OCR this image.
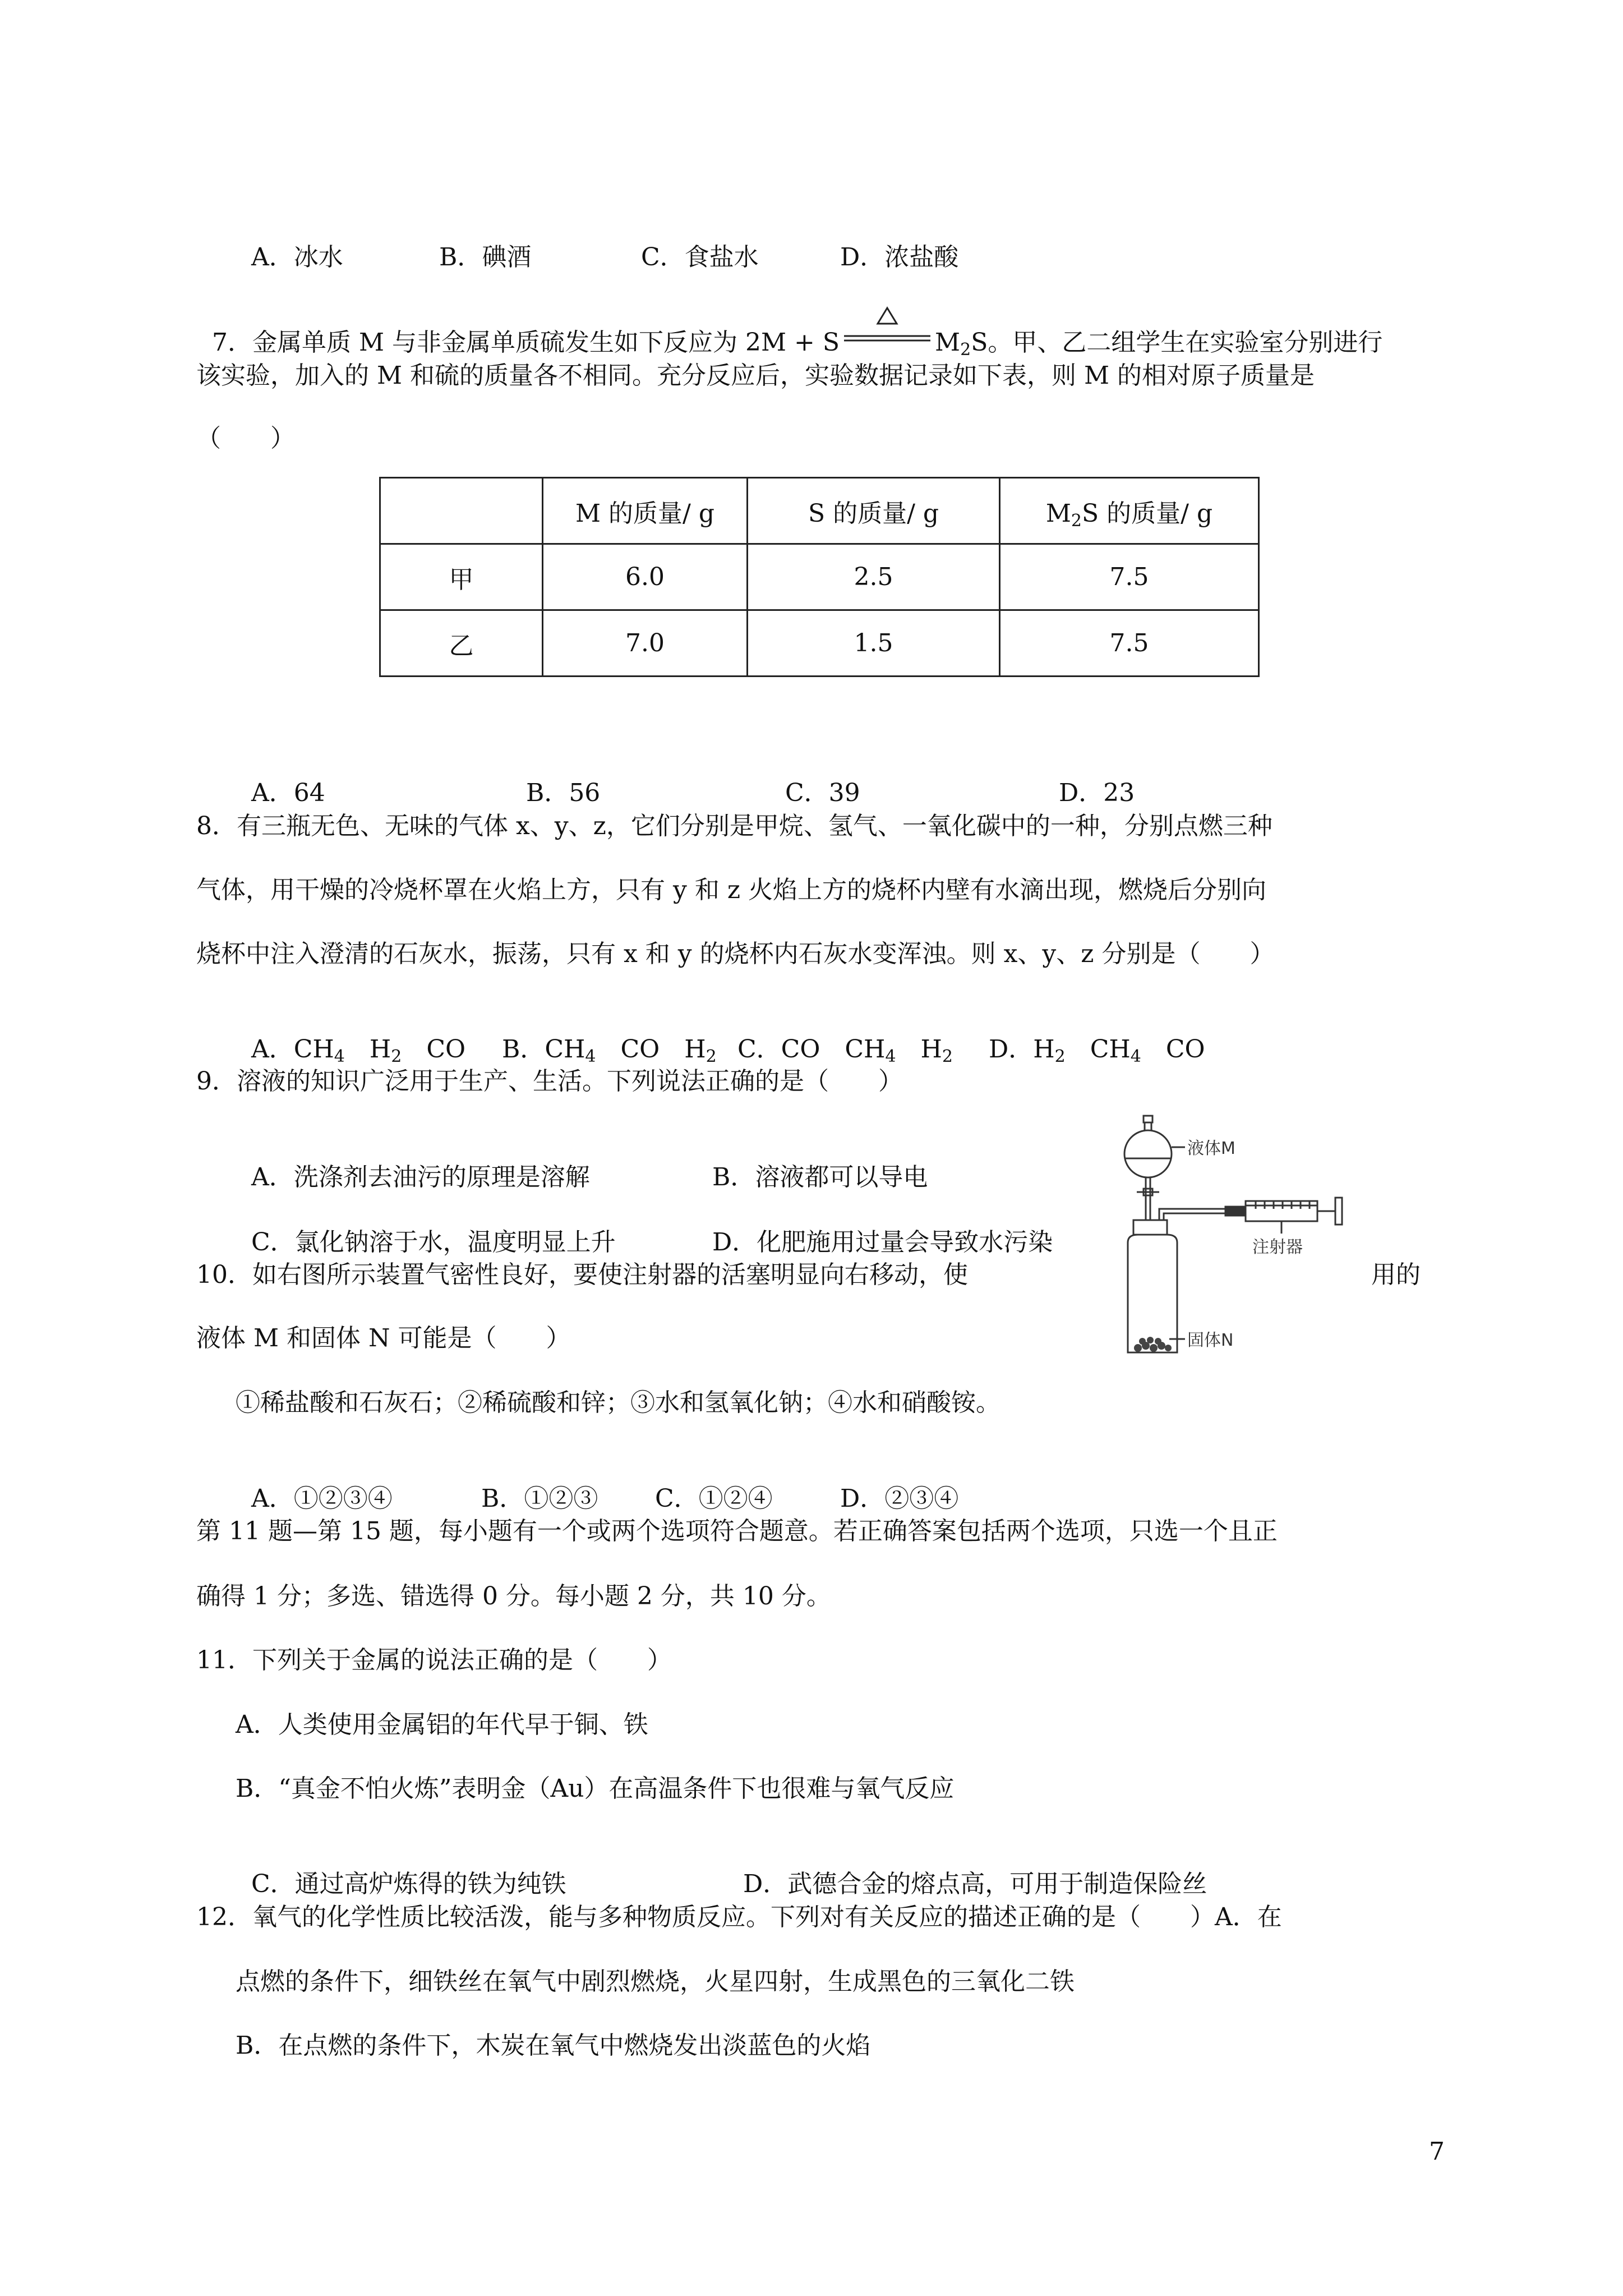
A．冰水	B．碘酒	C．食盐水	D．浓盐酸

7．金属单质 M 与非金属单质硫发生如下反应为 2M + S	$M_2S$。甲、乙二组学生在实验室分别进行

该实验，加入的 M 和硫的质量各不相同。充分反应后，实验数据记录如下表，则 M 的相对原子质量是
（　　）
	M 的质量/ g	S 的质量/ g	$M_2S$ 的质量/ g
甲	6.0	2.5	7.5
乙	7.0	1.5	7.5

A．64	B．56	C．39	D．23

8．有三瓶无色、无味的气体 x、y、z，它们分别是甲烷、氢气、一氧化碳中的一种，分别点燃三种
气体，用干燥的冷烧杯罩在火焰上方，只有 y 和 z 火焰上方的烧杯内壁有水滴出现，燃烧后分别向
烧杯中注入澄清的石灰水，振荡，只有 x 和 y 的烧杯内石灰水变浑浊。则 x、y、z 分别是（　　）

A．$CH_4$　$H_2$　CO B．$CH_4$　CO　$H_2$ C．CO　$CH_4$　$H_2$ D．$H_2$　$CH_4$　CO

9．溶液的知识广泛用于生产、生活。下列说法正确的是（　　）

A．洗涤剂去油污的原理是溶解	B．溶液都可以导电

C．氯化钠溶于水，温度明显上升	D．化肥施用过量会导致水污染

10．如右图所示装置气密性良好，要使注射器的活塞明显向右移动，使	用的
液体 M 和固体 N 可能是（　　）
①稀盐酸和石灰石；②稀硫酸和锌；③水和氢氧化钠；④水和硝酸铵。

A．①②③④	B．①②③ C．①②④	D．②③④

液体M
注射器
固体N
第 11 题—第 15 题，每小题有一个或两个选项符合题意。若正确答案包括两个选项，只选一个且正
确得 1 分；多选、错选得 0 分。每小题 2 分，共 10 分。
11．下列关于金属的说法正确的是（　　）
A．人类使用金属铝的年代早于铜、铁
B．“真金不怕火炼”表明金（Au）在高温条件下也很难与氧气反应

C．通过高炉炼得的铁为纯铁	D．武德合金的熔点高，可用于制造保险丝

12．氧气的化学性质比较活泼，能与多种物质反应。下列对有关反应的描述正确的是（　　）A．在
点燃的条件下，细铁丝在氧气中剧烈燃烧，火星四射，生成黑色的三氧化二铁
B．在点燃的条件下，木炭在氧气中燃烧发出淡蓝色的火焰
7
